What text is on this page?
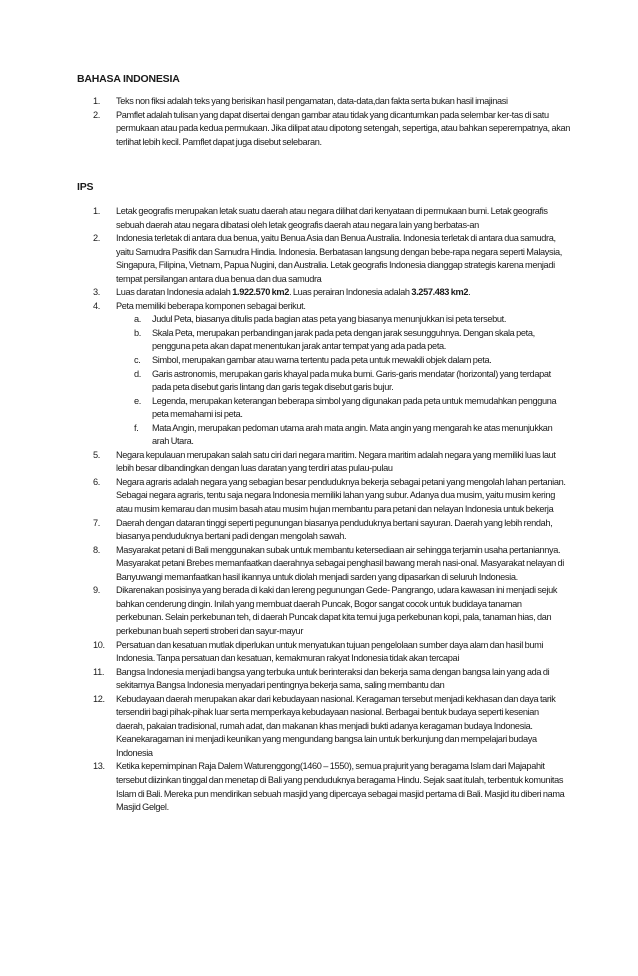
BAHASA INDONESIA
1. Teks non fiksi adalah teks yang berisikan hasil pengamatan, data-data,dan fakta serta bukan hasil imajinasi
2. Pamflet adalah tulisan yang dapat disertai dengan gambar atau tidak yang dicantumkan pada selembar ker-tas di satu permukaan atau pada kedua permukaan. Jika dilipat atau dipotong setengah, sepertiga, atau bahkan seperempatnya, akan terlihat lebih kecil. Pamflet dapat juga disebut selebaran.
IPS
1. Letak geografis merupakan letak suatu daerah atau negara dilihat dari kenyataan di permukaan bumi. Letak geografis sebuah daerah atau negara dibatasi oleh letak geografis daerah atau negara lain yang berbatas-an
2. Indonesia terletak di antara dua benua, yaitu Benua Asia dan Benua Australia. Indonesia terletak di antara dua samudra, yaitu Samudra Pasifik dan Samudra Hindia. Indonesia. Berbatasan langsung dengan bebe-rapa negara seperti Malaysia, Singapura, Filipina, Vietnam, Papua Nugini, dan Australia. Letak geografis Indonesia dianggap strategis karena menjadi tempat persilangan antara dua benua dan dua samudra
3. Luas daratan Indonesia adalah 1.922.570 km2. Luas perairan Indonesia adalah 3.257.483 km2.
4. Peta memiliki beberapa komponen sebagai berikut.
a. Judul Peta, biasanya ditulis pada bagian atas peta yang biasanya menunjukkan isi peta tersebut.
b. Skala Peta, merupakan perbandingan jarak pada peta dengan jarak sesungguhnya. Dengan skala peta, pengguna peta akan dapat menentukan jarak antar tempat yang ada pada peta.
c. Simbol, merupakan gambar atau warna tertentu pada peta untuk mewakili objek dalam peta.
d. Garis astronomis, merupakan garis khayal pada muka bumi. Garis-garis mendatar (horizontal) yang terdapat pada peta disebut garis lintang dan garis tegak disebut garis bujur.
e. Legenda, merupakan keterangan beberapa simbol yang digunakan pada peta untuk memudahkan pengguna peta memahami isi peta.
f. Mata Angin, merupakan pedoman utama arah mata angin. Mata angin yang mengarah ke atas menunjukkan arah Utara.
5. Negara kepulauan merupakan salah satu ciri dari negara maritim. Negara maritim adalah negara yang memiliki luas laut lebih besar dibandingkan dengan luas daratan yang terdiri atas pulau-pulau
6. Negara agraris adalah negara yang sebagian besar penduduknya bekerja sebagai petani yang mengolah lahan pertanian. Sebagai negara agraris, tentu saja negara Indonesia memiliki lahan yang subur. Adanya dua musim, yaitu musim kering atau musim kemarau dan musim basah atau musim hujan membantu para petani dan nelayan Indonesia untuk bekerja
7. Daerah dengan dataran tinggi seperti pegunungan biasanya penduduknya bertani sayuran. Daerah yang lebih rendah, biasanya penduduknya bertani padi dengan mengolah sawah.
8. Masyarakat petani di Bali menggunakan subak untuk membantu ketersediaan air sehingga terjamin usaha pertaniannya. Masyarakat petani Brebes memanfaatkan daerahnya sebagai penghasil bawang merah nasi-onal. Masyarakat nelayan di Banyuwangi memanfaatkan hasil ikannya untuk diolah menjadi sarden yang dipasarkan di seluruh Indonesia.
9. Dikarenakan posisinya yang berada di kaki dan lereng pegunungan Gede- Pangrango, udara kawasan ini menjadi sejuk bahkan cenderung dingin. Inilah yang membuat daerah Puncak, Bogor sangat cocok untuk budidaya tanaman perkebunan. Selain perkebunan teh, di daerah Puncak dapat kita temui juga perkebunan kopi, pala, tanaman hias, dan perkebunan buah seperti stroberi dan sayur-mayur
10. Persatuan dan kesatuan mutlak diperlukan untuk menyatukan tujuan pengelolaan sumber daya alam dan hasil bumi Indonesia. Tanpa persatuan dan kesatuan, kemakmuran rakyat Indonesia tidak akan tercapai
11. Bangsa Indonesia menjadi bangsa yang terbuka untuk berinteraksi dan bekerja sama dengan bangsa lain yang ada di sekitarnya Bangsa Indonesia menyadari pentingnya bekerja sama, saling membantu dan
12. Kebudayaan daerah merupakan akar dari kebudayaan nasional. Keragaman tersebut menjadi kekhasan dan daya tarik tersendiri bagi pihak-pihak luar serta memperkaya kebudayaan nasional. Berbagai bentuk budaya seperti kesenian daerah, pakaian tradisional, rumah adat, dan makanan khas menjadi bukti adanya keragaman budaya Indonesia. Keanekaragaman ini menjadi keunikan yang mengundang bangsa lain untuk berkunjung dan mempelajari budaya Indonesia
13. Ketika kepemimpinan Raja Dalem Waturenggong(1460 – 1550), semua prajurit yang beragama Islam dari Majapahit tersebut diizinkan tinggal dan menetap di Bali yang penduduknya beragama Hindu. Sejak saat itulah, terbentuk komunitas Islam di Bali. Mereka pun mendirikan sebuah masjid yang dipercaya sebagai masjid pertama di Bali. Masjid itu diberi nama Masjid Gelgel.
